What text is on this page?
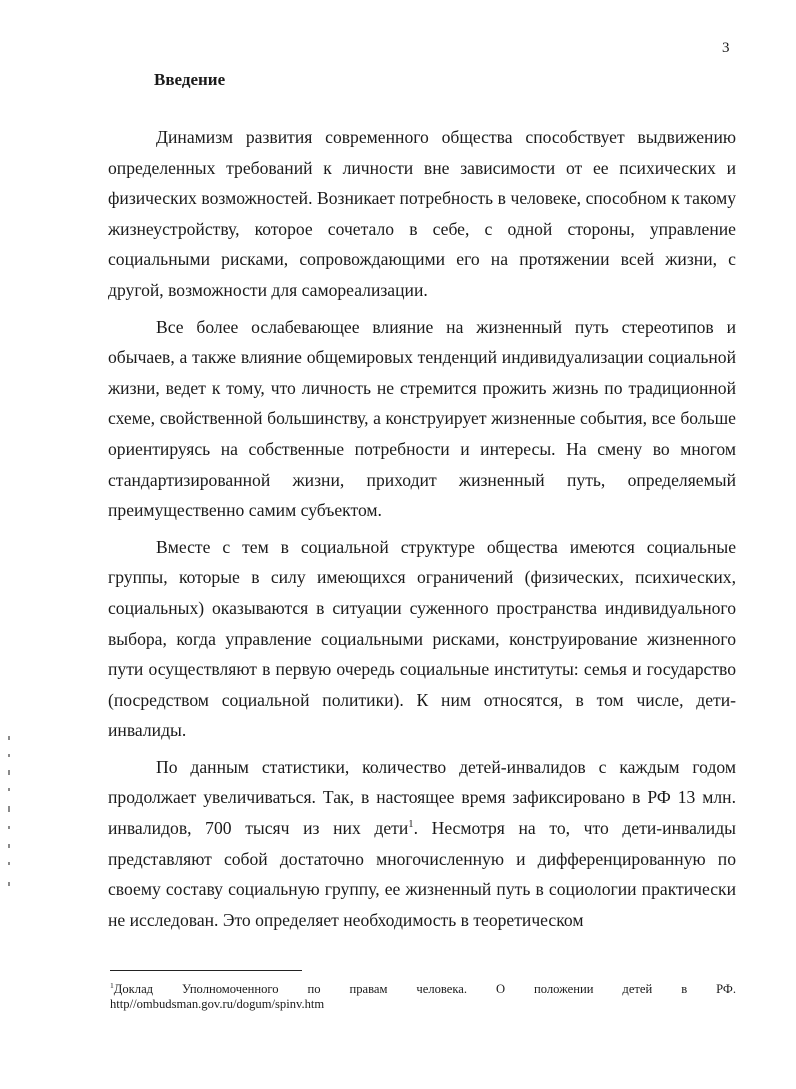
3
Введение

Динамизм развития современного общества способствует выдвижению определенных требований к личности вне зависимости от ее психических и физических возможностей. Возникает потребность в человеке, способном к такому жизнеустройству, которое сочетало в себе, с одной стороны, управление социальными рисками, сопровождающими его на протяжении всей жизни, с другой, возможности для самореализации.

Все более ослабевающее влияние на жизненный путь стереотипов и обычаев, а также влияние общемировых тенденций индивидуализации социальной жизни, ведет к тому, что личность не стремится прожить жизнь по традиционной схеме, свойственной большинству, а конструирует жизненные события, все больше ориентируясь на собственные потребности и интересы. На смену во многом стандартизированной жизни, приходит жизненный путь, определяемый преимущественно самим субъектом.

Вместе с тем в социальной структуре общества имеются социальные группы, которые в силу имеющихся ограничений (физических, психических, социальных) оказываются в ситуации суженного пространства индивидуального выбора, когда управление социальными рисками, конструирование жизненного пути осуществляют в первую очередь социальные институты: семья и государство (посредством социальной политики). К ним относятся, в том числе, дети-инвалиды.

По данным статистики, количество детей-инвалидов с каждым годом продолжает увеличиваться. Так, в настоящее время зафиксировано в РФ 13 млн. инвалидов, 700 тысяч из них дети$^1$. Несмотря на то, что дети-инвалиды представляют собой достаточно многочисленную и дифференцированную по своему составу социальную группу, ее жизненный путь в социологии практически не исследован. Это определяет необходимость в теоретическом

$^1$Доклад Уполномоченного по правам человека. О положении детей в РФ.
http//ombudsman.gov.ru/dogum/spinv.htm
